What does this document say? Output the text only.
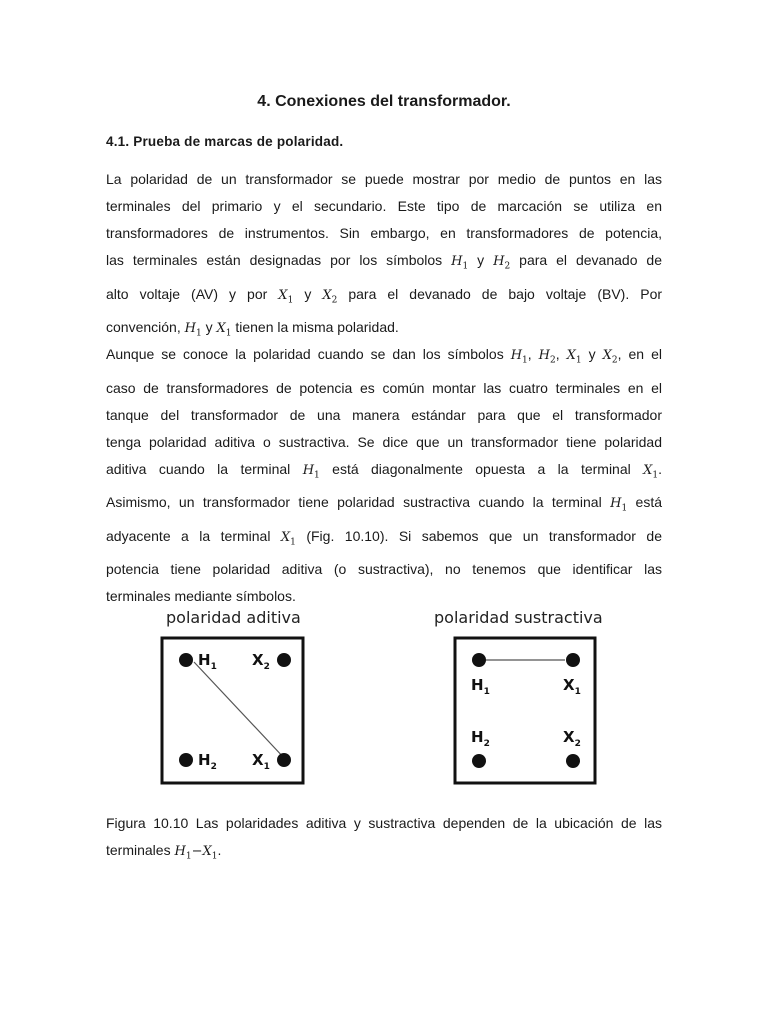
4. Conexiones del transformador.
4.1. Prueba de marcas de polaridad.
La polaridad de un transformador se puede mostrar por medio de puntos en las
terminales del primario y el secundario. Este tipo de marcación se utiliza en
transformadores de instrumentos. Sin embargo, en transformadores de potencia,
las terminales están designadas por los símbolos $H_1$ y $H_2$ para el devanado de
alto voltaje (AV) y por $X_1$ y $X_2$ para el devanado de bajo voltaje (BV). Por
convención, $H_1$ y $X_1$ tienen la misma polaridad.
Aunque se conoce la polaridad cuando se dan los símbolos $H_1$, $H_2$, $X_1$ y $X_2$, en el
caso de transformadores de potencia es común montar las cuatro terminales en el
tanque del transformador de una manera estándar para que el transformador
tenga polaridad aditiva o sustractiva. Se dice que un transformador tiene polaridad
aditiva cuando la terminal $H_1$ está diagonalmente opuesta a la terminal $X_1$.
Asimismo, un transformador tiene polaridad sustractiva cuando la terminal $H_1$ está
adyacente a la terminal $X_1$ (Fig. 10.10). Si sabemos que un transformador de
potencia tiene polaridad aditiva (o sustractiva), no tenemos que identificar las
terminales mediante símbolos.
polaridad aditiva	polaridad sustractiva
$H_1$ $X_2$
$H_2$ $X_1$
$H_1$	$X_1$
$H_2$	$X_2$
Figura 10.10 Las polaridades aditiva y sustractiva dependen de la ubicación de las
terminales $H_1-X_1$.
